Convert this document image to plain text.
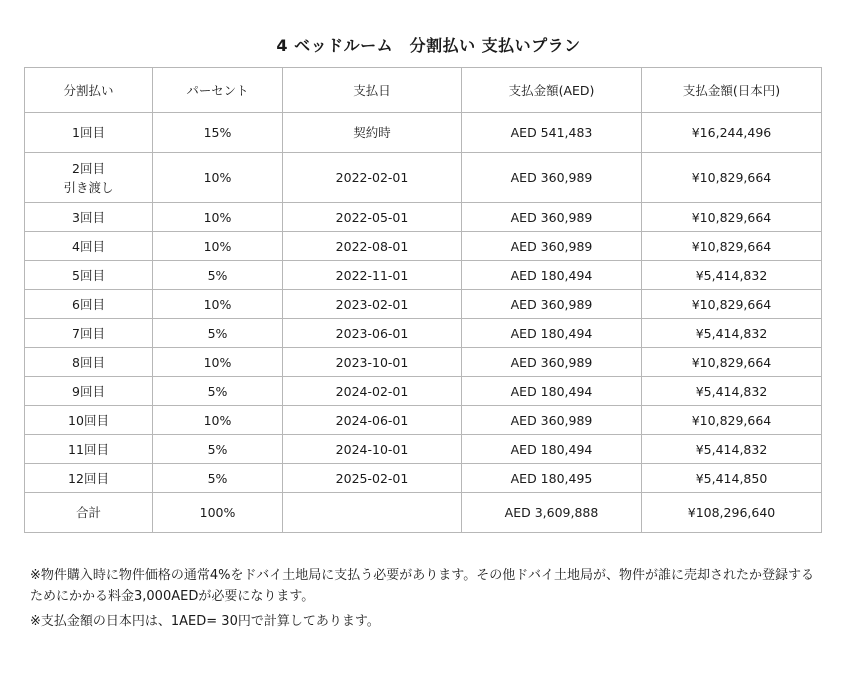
4 ベッドルーム　分割払い 支払いプラン
分割払い	パーセント	支払日	支払金額(AED)	支払金額(日本円)

1回目	15%	契約時	AED 541,483	¥16,244,496

2回目
引き渡し	10%	2022-02-01	AED 360,989	¥10,829,664

3回目	10%	2022-05-01	AED 360,989	¥10,829,664

4回目	10%	2022-08-01	AED 360,989	¥10,829,664

5回目	5%	2022-11-01	AED 180,494	¥5,414,832

6回目	10%	2023-02-01	AED 360,989	¥10,829,664

7回目	5%	2023-06-01	AED 180,494	¥5,414,832

8回目	10%	2023-10-01	AED 360,989	¥10,829,664

9回目	5%	2024-02-01	AED 180,494	¥5,414,832

10回目	10%	2024-06-01	AED 360,989	¥10,829,664

11回目	5%	2024-10-01	AED 180,494	¥5,414,832

12回目	5%	2025-02-01	AED 180,495	¥5,414,850
合計	100%		AED 3,609,888	¥108,296,640
※物件購入時に物件価格の通常4%をドバイ土地局に支払う必要があります。その他ドバイ土地局が、物件が誰に売却されたか登録するためにかかる料金3,000AEDが必要になります。
※支払金額の日本円は、1AED= 30円で計算してあります。
